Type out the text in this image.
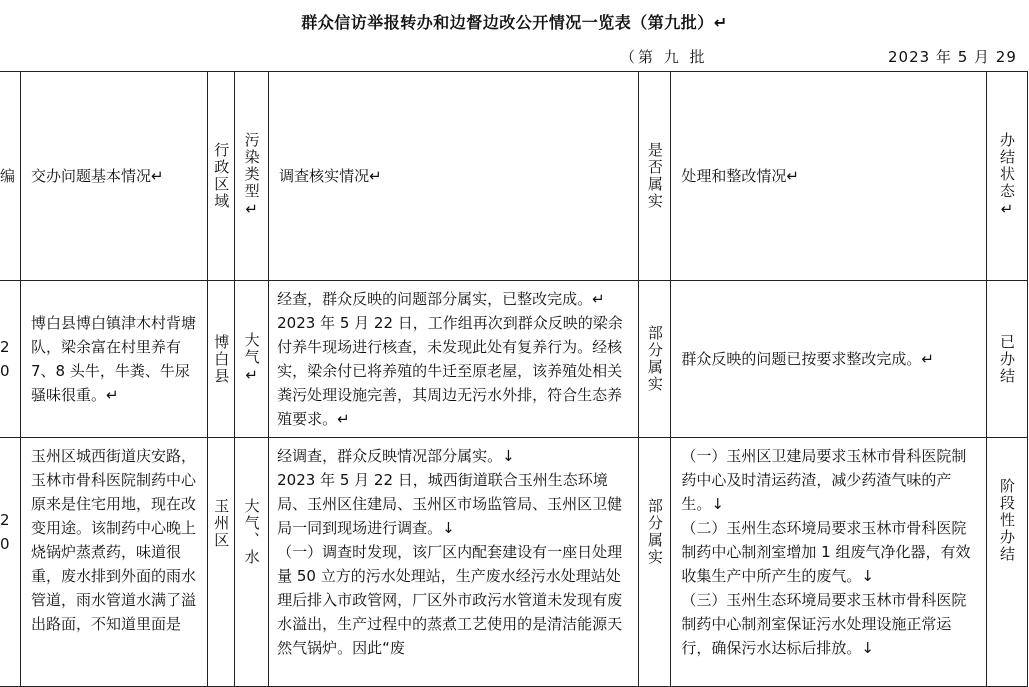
群众信访举报转办和边督边改公开情况一览表（第九批）↵
（第 九 批	2023 年 5 月 29
编	交办问题基本情况↵	行政区域	污染类型↵	调查核实情况↵	是否属实	处理和整改情况↵	办结状态↵

2
0	博白县博白镇津木村背塘队，梁余富在村里养有 7、8 头牛，牛粪、牛尿骚味很重。↵	博白县	大气↵	经查，群众反映的问题部分属实，已整改完成。↵
2023 年 5 月 22 日，工作组再次到群众反映的梁余付养牛现场进行核查，未发现此处有复养行为。经核实，梁余付已将养殖的牛迁至原老屋，该养殖处相关粪污处理设施完善，其周边无污水外排，符合生态养殖要求。↵	部分属实	群众反映的问题已按要求整改完成。↵	已办结

2
0	玉州区城西街道庆安路，玉林市骨科医院制药中心原来是住宅用地，现在改变用途。该制药中心晚上烧锅炉蒸煮药，味道很重，废水排到外面的雨水管道，雨水管道水满了溢出路面，不知道里面是	玉州区	大气、水	经调查，群众反映情况部分属实。↓
2023 年 5 月 22 日，城西街道联合玉州生态环境局、玉州区住建局、玉州区市场监管局、玉州区卫健局一同到现场进行调查。↓
（一）调查时发现，该厂区内配套建设有一座日处理量 50 立方的污水处理站，生产废水经污水处理站处理后排入市政管网，厂区外市政污水管道未发现有废水溢出，生产过程中的蒸煮工艺使用的是清洁能源天然气锅炉。因此“废	部分属实	（一）玉州区卫建局要求玉林市骨科医院制药中心及时清运药渣，减少药渣气味的产生。↓
（二）玉州生态环境局要求玉林市骨科医院制药中心制剂室增加 1 组废气净化器，有效收集生产中所产生的废气。↓
（三）玉州生态环境局要求玉林市骨科医院制药中心制剂室保证污水处理设施正常运行，确保污水达标后排放。↓	阶段性办结
